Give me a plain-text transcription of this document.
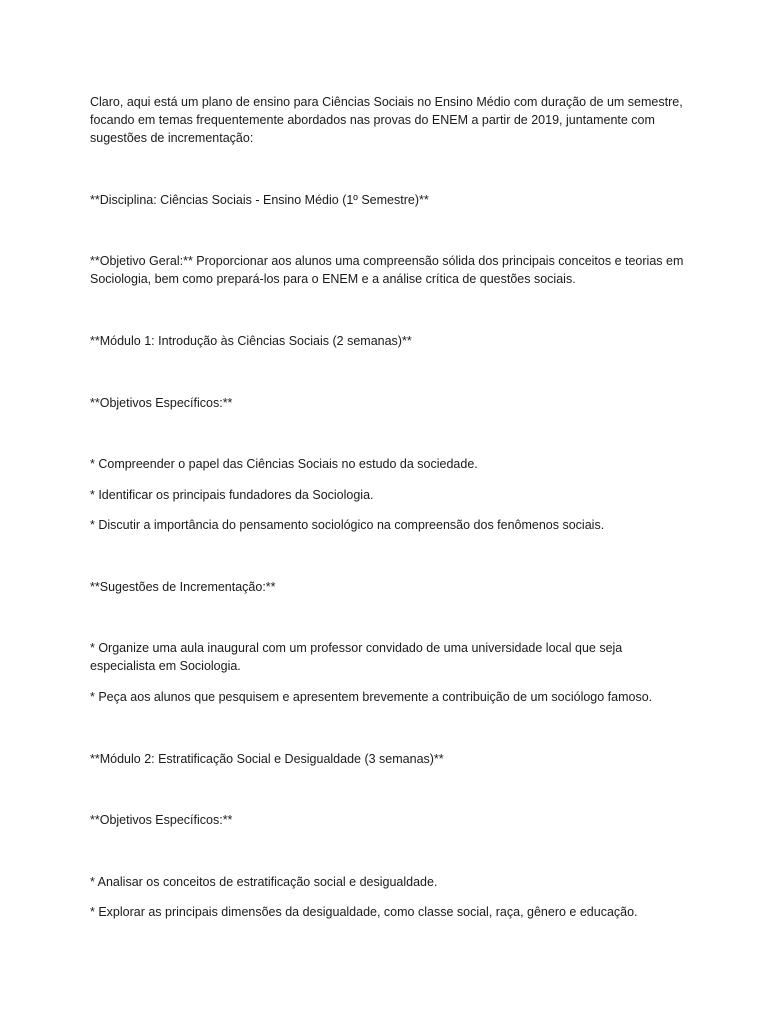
Claro, aqui está um plano de ensino para Ciências Sociais no Ensino Médio com duração de um semestre, focando em temas frequentemente abordados nas provas do ENEM a partir de 2019, juntamente com sugestões de incrementação:

**Disciplina: Ciências Sociais - Ensino Médio (1º Semestre)**

**Objetivo Geral:** Proporcionar aos alunos uma compreensão sólida dos principais conceitos e teorias em Sociologia, bem como prepará-los para o ENEM e a análise crítica de questões sociais.

**Módulo 1: Introdução às Ciências Sociais (2 semanas)**

**Objetivos Específicos:**

* Compreender o papel das Ciências Sociais no estudo da sociedade.

* Identificar os principais fundadores da Sociologia.

* Discutir a importância do pensamento sociológico na compreensão dos fenômenos sociais.

**Sugestões de Incrementação:**

* Organize uma aula inaugural com um professor convidado de uma universidade local que seja especialista em Sociologia.

* Peça aos alunos que pesquisem e apresentem brevemente a contribuição de um sociólogo famoso.

**Módulo 2: Estratificação Social e Desigualdade (3 semanas)**

**Objetivos Específicos:**

* Analisar os conceitos de estratificação social e desigualdade.

* Explorar as principais dimensões da desigualdade, como classe social, raça, gênero e educação.
